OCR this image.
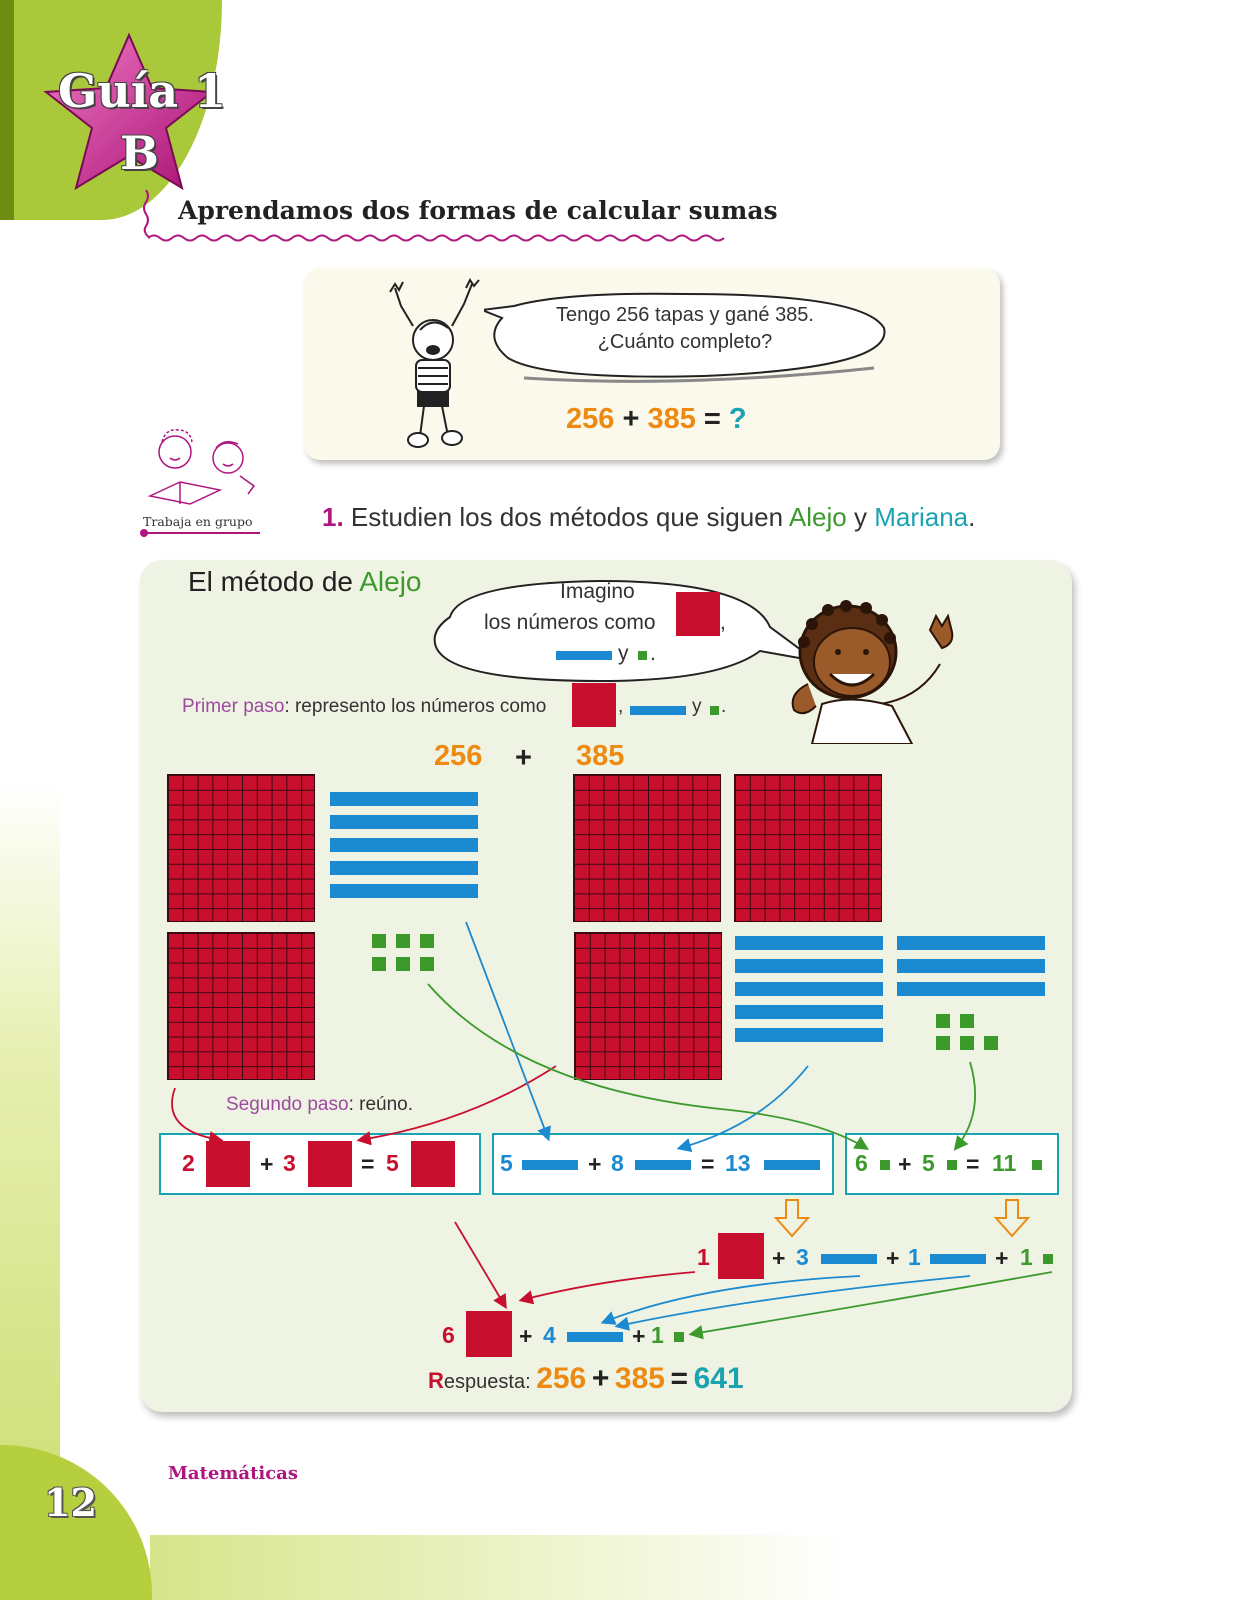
Guía 1
B
Aprendamos dos formas de calcular sumas
Tengo 256 tapas y gané 385.
¿Cuánto completo?
256 + 385 = ?
Trabaja en grupo	1. Estudien los dos métodos que siguen Alejo y Mariana.
El método de Alejo	Imagino
los números como	,
y .
Primer paso: represento los números como	,	y .
256 + 385
Segundo paso: reúno.
2	+ 3	= 5	5	+ 8	= 13	6 + 5 = 11
1	+ 3	+ 1	+ 1
6	+ 4	+ 1
Respuesta: 256 + 385 = 641
Matemáticas
12
